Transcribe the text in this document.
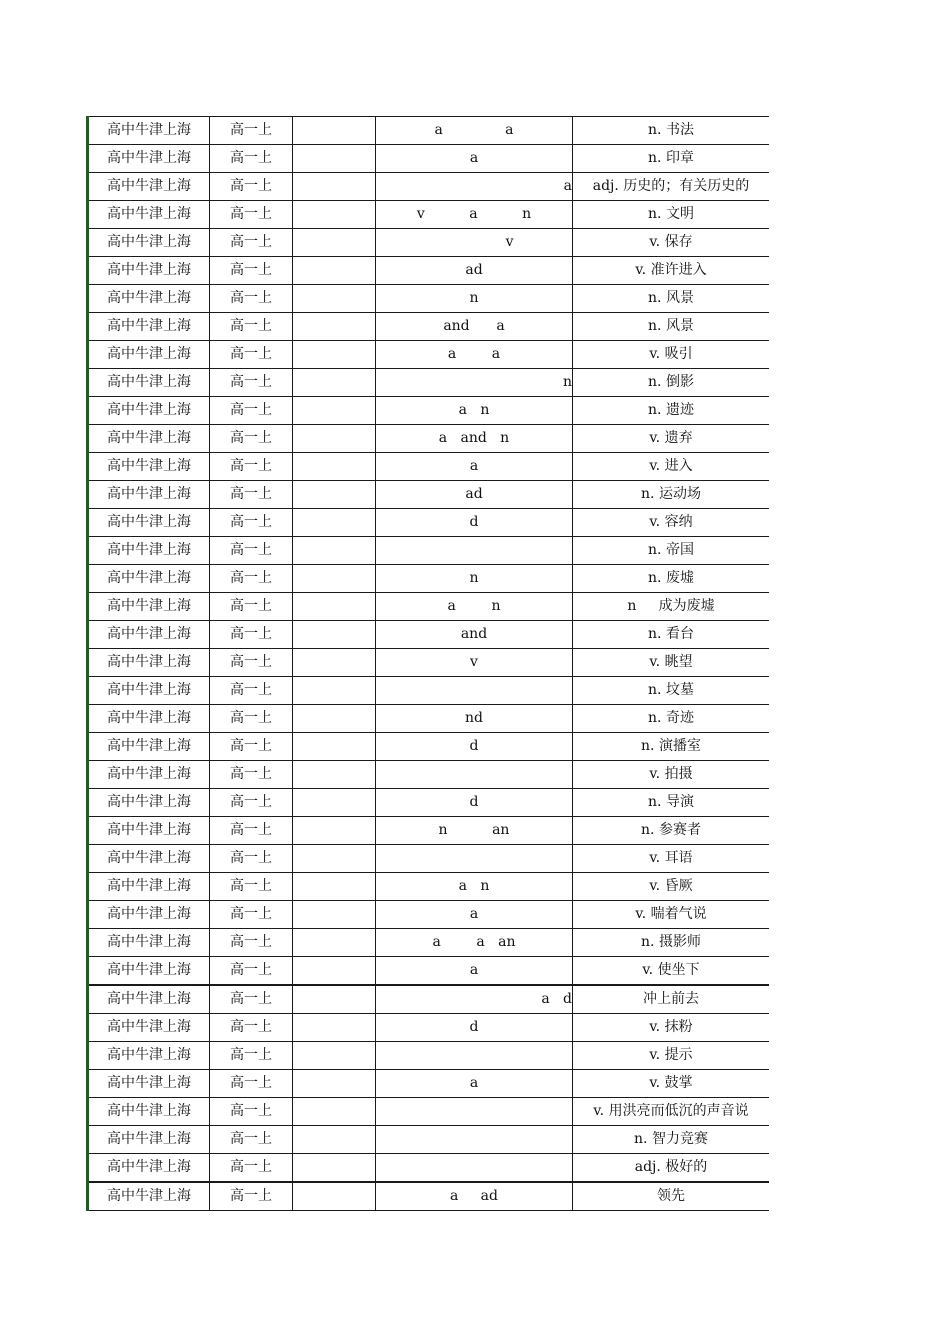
高中牛津上海	高一上		a              a	n. 书法
高中牛津上海	高一上		a	n. 印章
高中牛津上海	高一上		a	adj. 历史的；有关历史的
高中牛津上海	高一上		v          a          n	n. 文明
高中牛津上海	高一上		v	v. 保存
高中牛津上海	高一上		ad	v. 准许进入
高中牛津上海	高一上		n	n. 风景
高中牛津上海	高一上		and      a	n. 风景
高中牛津上海	高一上		a        a	v. 吸引
高中牛津上海	高一上		n	n. 倒影
高中牛津上海	高一上		a   n	n. 遗迹
高中牛津上海	高一上		a   and   n	v. 遗弃
高中牛津上海	高一上		a	v. 进入
高中牛津上海	高一上		ad	n. 运动场
高中牛津上海	高一上		d	v. 容纳
高中牛津上海	高一上			n. 帝国
高中牛津上海	高一上		n	n. 废墟
高中牛津上海	高一上		a        n	n     成为废墟
高中牛津上海	高一上		and	n. 看台
高中牛津上海	高一上		v	v. 眺望
高中牛津上海	高一上			n. 坟墓
高中牛津上海	高一上		nd	n. 奇迹
高中牛津上海	高一上		d	n. 演播室
高中牛津上海	高一上			v. 拍摄
高中牛津上海	高一上		d	n. 导演
高中牛津上海	高一上		n          an	n. 参赛者
高中牛津上海	高一上			v. 耳语
高中牛津上海	高一上		a   n	v. 昏厥
高中牛津上海	高一上		a	v. 喘着气说
高中牛津上海	高一上		a        a   an	n. 摄影师
高中牛津上海	高一上		a	v. 使坐下
高中牛津上海	高一上		a   d	冲上前去
高中牛津上海	高一上		d	v. 抹粉
高中牛津上海	高一上			v. 提示
高中牛津上海	高一上		a	v. 鼓掌
高中牛津上海	高一上			v. 用洪亮而低沉的声音说
高中牛津上海	高一上			n. 智力竞赛
高中牛津上海	高一上			adj. 极好的
高中牛津上海	高一上		a     ad	领先
